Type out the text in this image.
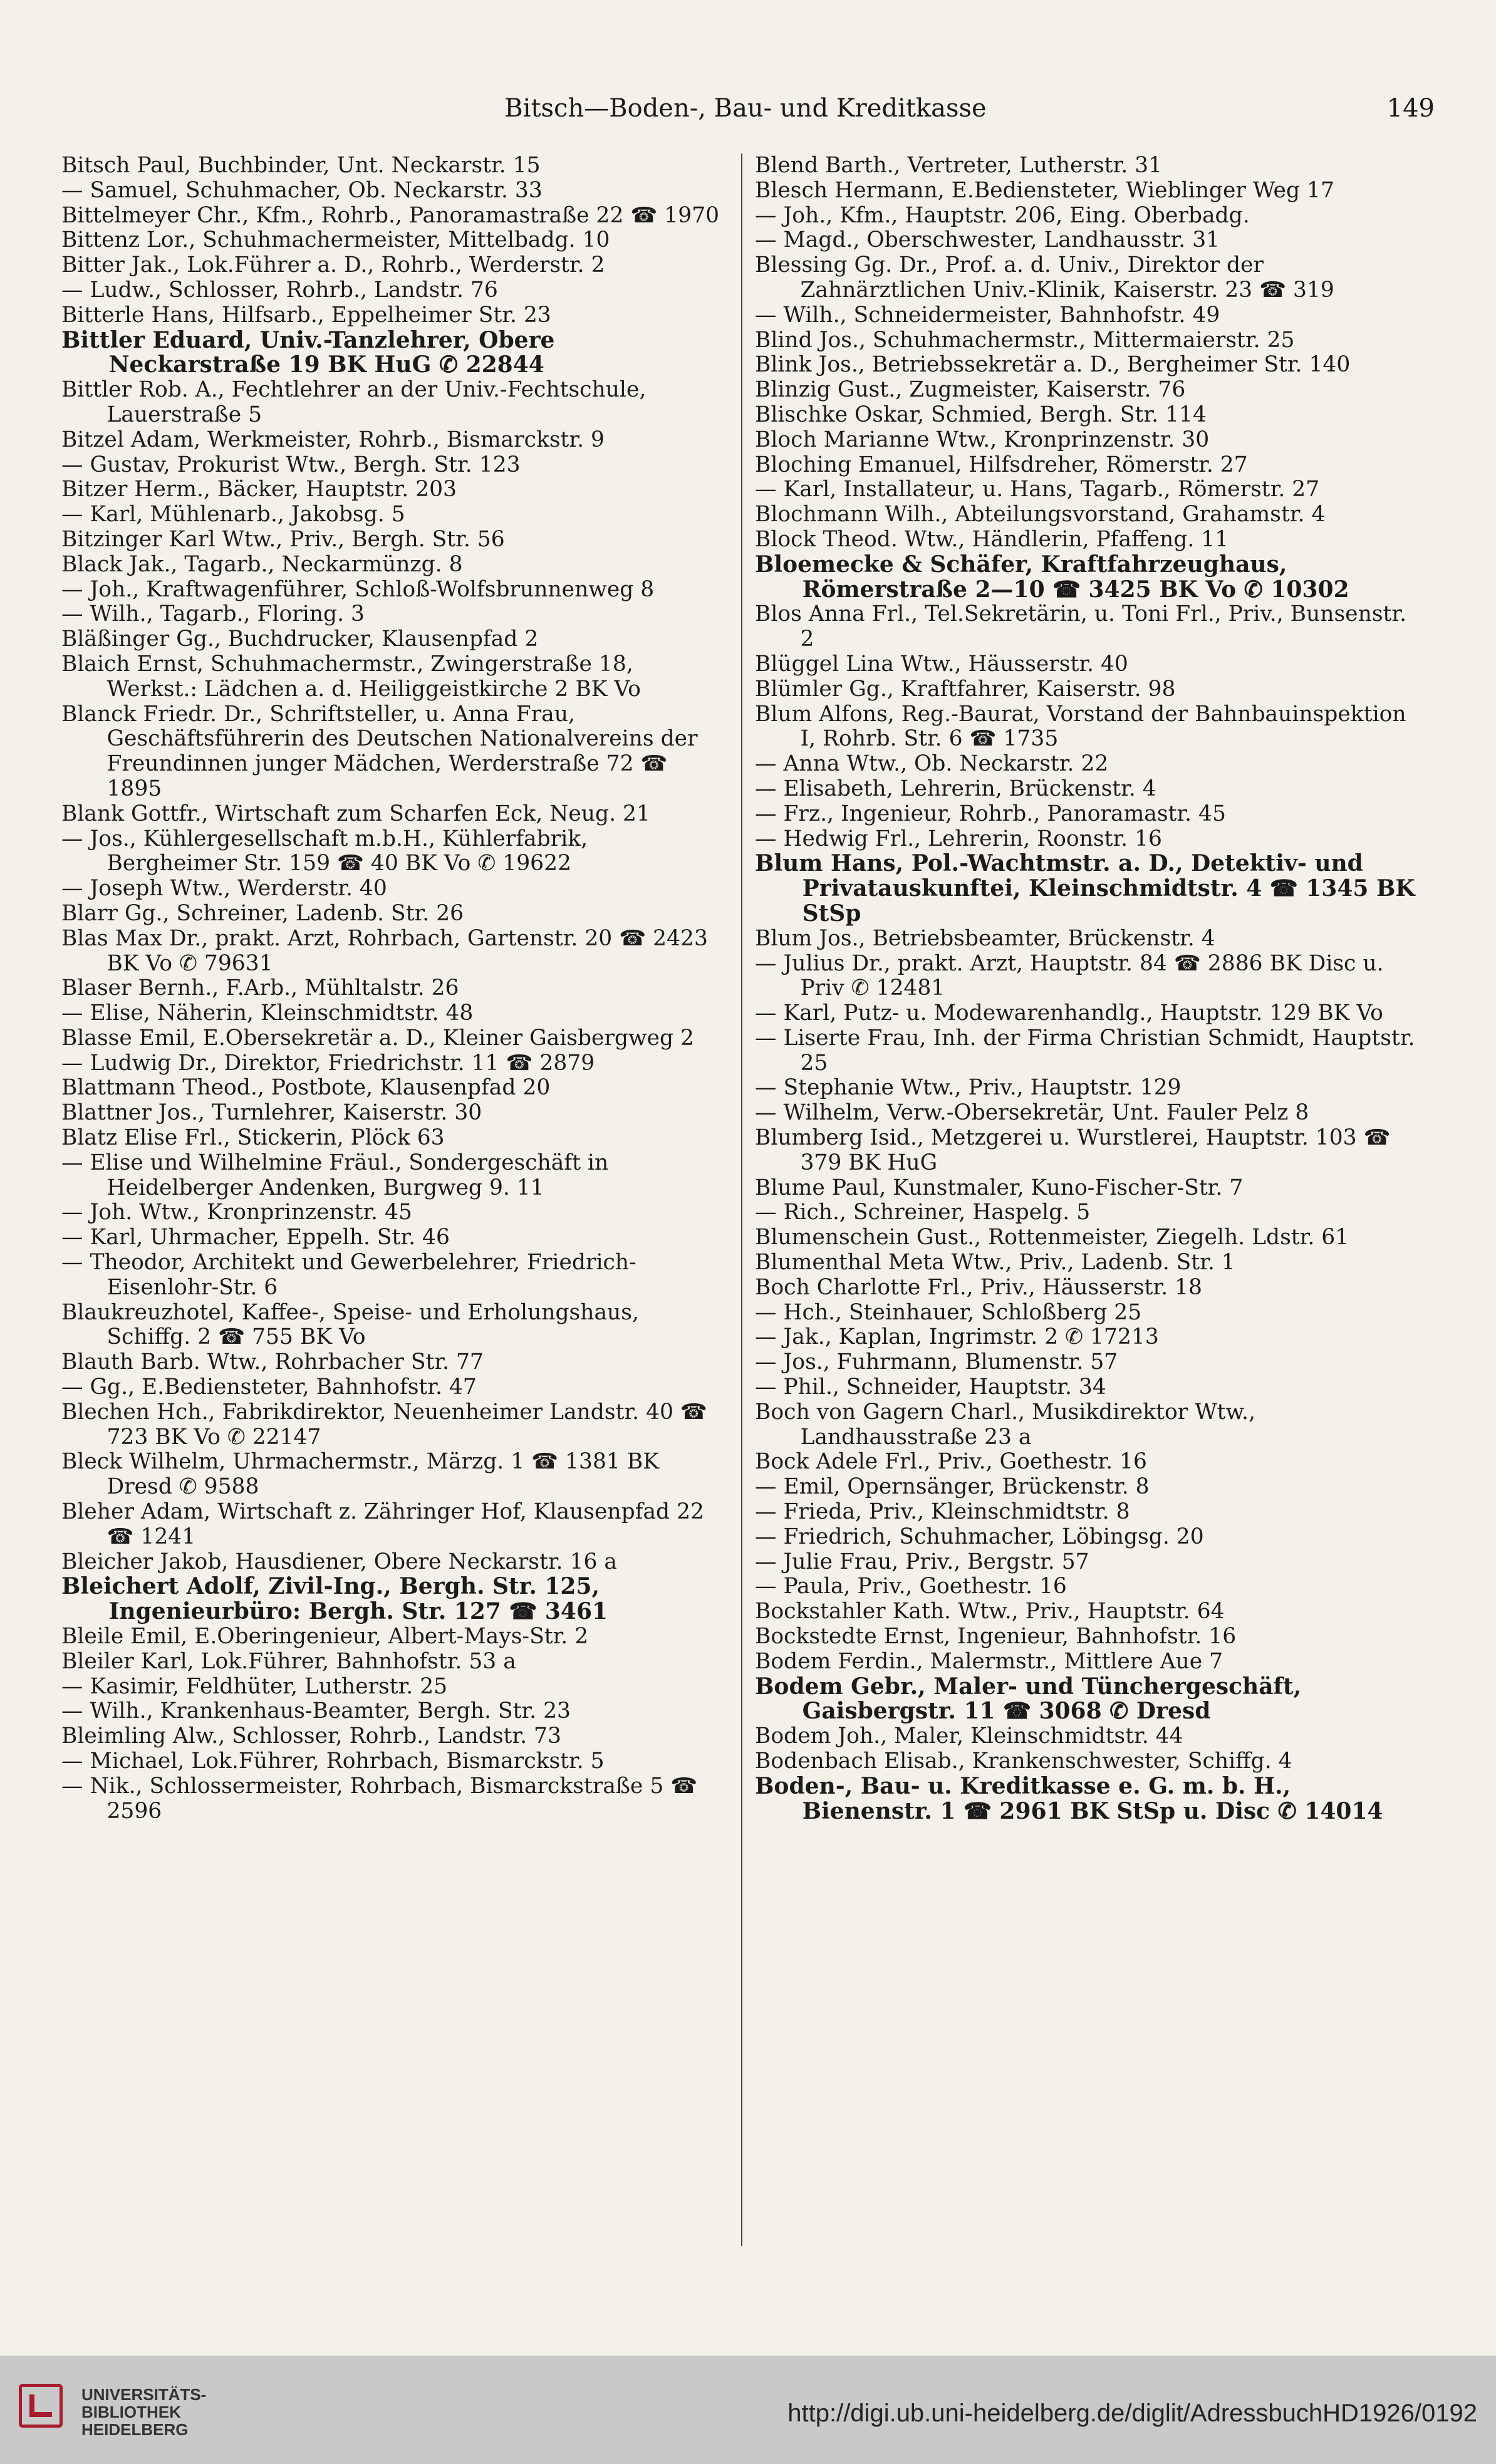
Bitsch—Boden-, Bau- und Kreditkasse	149

Bitsch Paul, Buchbinder, Unt. Neckarstr. 15

— Samuel, Schuhmacher, Ob. Neckarstr. 33

Bittelmeyer Chr., Kfm., Rohrb., Panoramastraße 22 ☎ 1970

Bittenz Lor., Schuhmachermeister, Mittelbadg. 10

Bitter Jak., Lok.Führer a. D., Rohrb., Werderstr. 2

— Ludw., Schlosser, Rohrb., Landstr. 76

Bitterle Hans, Hilfsarb., Eppelheimer Str. 23

Bittler Eduard, Univ.-Tanzlehrer, Obere Neckarstraße 19 BK HuG ✆ 22844

Bittler Rob. A., Fechtlehrer an der Univ.-Fechtschule, Lauerstraße 5

Bitzel Adam, Werkmeister, Rohrb., Bismarckstr. 9

— Gustav, Prokurist Wtw., Bergh. Str. 123

Bitzer Herm., Bäcker, Hauptstr. 203

— Karl, Mühlenarb., Jakobsg. 5

Bitzinger Karl Wtw., Priv., Bergh. Str. 56

Black Jak., Tagarb., Neckarmünzg. 8

— Joh., Kraftwagenführer, Schloß-Wolfsbrunnenweg 8

— Wilh., Tagarb., Floring. 3

Bläßinger Gg., Buchdrucker, Klausenpfad 2

Blaich Ernst, Schuhmachermstr., Zwingerstraße 18, Werkst.: Lädchen a. d. Heiliggeistkirche 2 BK Vo

Blanck Friedr. Dr., Schriftsteller, u. Anna Frau, Geschäftsführerin des Deutschen Nationalvereins der Freundinnen junger Mädchen, Werderstraße 72 ☎ 1895

Blank Gottfr., Wirtschaft zum Scharfen Eck, Neug. 21

— Jos., Kühlergesellschaft m.b.H., Kühlerfabrik, Bergheimer Str. 159 ☎ 40 BK Vo ✆ 19622

— Joseph Wtw., Werderstr. 40

Blarr Gg., Schreiner, Ladenb. Str. 26

Blas Max Dr., prakt. Arzt, Rohrbach, Gartenstr. 20 ☎ 2423 BK Vo ✆ 79631

Blaser Bernh., F.Arb., Mühltalstr. 26

— Elise, Näherin, Kleinschmidtstr. 48

Blasse Emil, E.Obersekretär a. D., Kleiner Gaisbergweg 2

— Ludwig Dr., Direktor, Friedrichstr. 11 ☎ 2879

Blattmann Theod., Postbote, Klausenpfad 20

Blattner Jos., Turnlehrer, Kaiserstr. 30

Blatz Elise Frl., Stickerin, Plöck 63

— Elise und Wilhelmine Fräul., Sondergeschäft in Heidelberger Andenken, Burgweg 9. 11

— Joh. Wtw., Kronprinzenstr. 45

— Karl, Uhrmacher, Eppelh. Str. 46

— Theodor, Architekt und Gewerbelehrer, Friedrich-Eisenlohr-Str. 6

Blaukreuzhotel, Kaffee-, Speise- und Erholungshaus, Schiffg. 2 ☎ 755 BK Vo

Blauth Barb. Wtw., Rohrbacher Str. 77

— Gg., E.Bediensteter, Bahnhofstr. 47

Blechen Hch., Fabrikdirektor, Neuenheimer Landstr. 40 ☎ 723 BK Vo ✆ 22147

Bleck Wilhelm, Uhrmachermstr., Märzg. 1 ☎ 1381 BK Dresd ✆ 9588

Bleher Adam, Wirtschaft z. Zähringer Hof, Klausenpfad 22 ☎ 1241

Bleicher Jakob, Hausdiener, Obere Neckarstr. 16 a

Bleichert Adolf, Zivil-Ing., Bergh. Str. 125, Ingenieurbüro: Bergh. Str. 127 ☎ 3461

Bleile Emil, E.Oberingenieur, Albert-Mays-Str. 2

Bleiler Karl, Lok.Führer, Bahnhofstr. 53 a

— Kasimir, Feldhüter, Lutherstr. 25

— Wilh., Krankenhaus-Beamter, Bergh. Str. 23

Bleimling Alw., Schlosser, Rohrb., Landstr. 73

— Michael, Lok.Führer, Rohrbach, Bismarckstr. 5

— Nik., Schlossermeister, Rohrbach, Bismarckstraße 5 ☎ 2596

Blend Barth., Vertreter, Lutherstr. 31

Blesch Hermann, E.Bediensteter, Wieblinger Weg 17

— Joh., Kfm., Hauptstr. 206, Eing. Oberbadg.

— Magd., Oberschwester, Landhausstr. 31

Blessing Gg. Dr., Prof. a. d. Univ., Direktor der Zahnärztlichen Univ.-Klinik, Kaiserstr. 23 ☎ 319

— Wilh., Schneidermeister, Bahnhofstr. 49

Blind Jos., Schuhmachermstr., Mittermaierstr. 25

Blink Jos., Betriebssekretär a. D., Bergheimer Str. 140

Blinzig Gust., Zugmeister, Kaiserstr. 76

Blischke Oskar, Schmied, Bergh. Str. 114

Bloch Marianne Wtw., Kronprinzenstr. 30

Bloching Emanuel, Hilfsdreher, Römerstr. 27

— Karl, Installateur, u. Hans, Tagarb., Römerstr. 27

Blochmann Wilh., Abteilungsvorstand, Grahamstr. 4

Block Theod. Wtw., Händlerin, Pfaffeng. 11

Bloemecke & Schäfer, Kraftfahrzeughaus, Römerstraße 2—10 ☎ 3425 BK Vo ✆ 10302

Blos Anna Frl., Tel.Sekretärin, u. Toni Frl., Priv., Bunsenstr. 2

Blüggel Lina Wtw., Häusserstr. 40

Blümler Gg., Kraftfahrer, Kaiserstr. 98

Blum Alfons, Reg.-Baurat, Vorstand der Bahnbauinspektion I, Rohrb. Str. 6 ☎ 1735

— Anna Wtw., Ob. Neckarstr. 22

— Elisabeth, Lehrerin, Brückenstr. 4

— Frz., Ingenieur, Rohrb., Panoramastr. 45

— Hedwig Frl., Lehrerin, Roonstr. 16

Blum Hans, Pol.-Wachtmstr. a. D., Detektiv- und Privatauskunftei, Kleinschmidtstr. 4 ☎ 1345 BK StSp

Blum Jos., Betriebsbeamter, Brückenstr. 4

— Julius Dr., prakt. Arzt, Hauptstr. 84 ☎ 2886 BK Disc u. Priv ✆ 12481

— Karl, Putz- u. Modewarenhandlg., Hauptstr. 129 BK Vo

— Liserte Frau, Inh. der Firma Christian Schmidt, Hauptstr. 25

— Stephanie Wtw., Priv., Hauptstr. 129

— Wilhelm, Verw.-Obersekretär, Unt. Fauler Pelz 8

Blumberg Isid., Metzgerei u. Wurstlerei, Hauptstr. 103 ☎ 379 BK HuG

Blume Paul, Kunstmaler, Kuno-Fischer-Str. 7

— Rich., Schreiner, Haspelg. 5

Blumenschein Gust., Rottenmeister, Ziegelh. Ldstr. 61

Blumenthal Meta Wtw., Priv., Ladenb. Str. 1

Boch Charlotte Frl., Priv., Häusserstr. 18

— Hch., Steinhauer, Schloßberg 25

— Jak., Kaplan, Ingrimstr. 2 ✆ 17213

— Jos., Fuhrmann, Blumenstr. 57

— Phil., Schneider, Hauptstr. 34

Boch von Gagern Charl., Musikdirektor Wtw., Landhausstraße 23 a

Bock Adele Frl., Priv., Goethestr. 16

— Emil, Opernsänger, Brückenstr. 8

— Frieda, Priv., Kleinschmidtstr. 8

— Friedrich, Schuhmacher, Löbingsg. 20

— Julie Frau, Priv., Bergstr. 57

— Paula, Priv., Goethestr. 16

Bockstahler Kath. Wtw., Priv., Hauptstr. 64

Bockstedte Ernst, Ingenieur, Bahnhofstr. 16

Bodem Ferdin., Malermstr., Mittlere Aue 7

Bodem Gebr., Maler- und Tünchergeschäft, Gaisbergstr. 11 ☎ 3068 ✆ Dresd

Bodem Joh., Maler, Kleinschmidtstr. 44

Bodenbach Elisab., Krankenschwester, Schiffg. 4

Boden-, Bau- u. Kreditkasse e. G. m. b. H., Bienenstr. 1 ☎ 2961 BK StSp u. Disc ✆ 14014

UNIVERSITÄTS-
BIBLIOTHEK
HEIDELBERG
http://digi.ub.uni-heidelberg.de/diglit/AdressbuchHD1926/0192
